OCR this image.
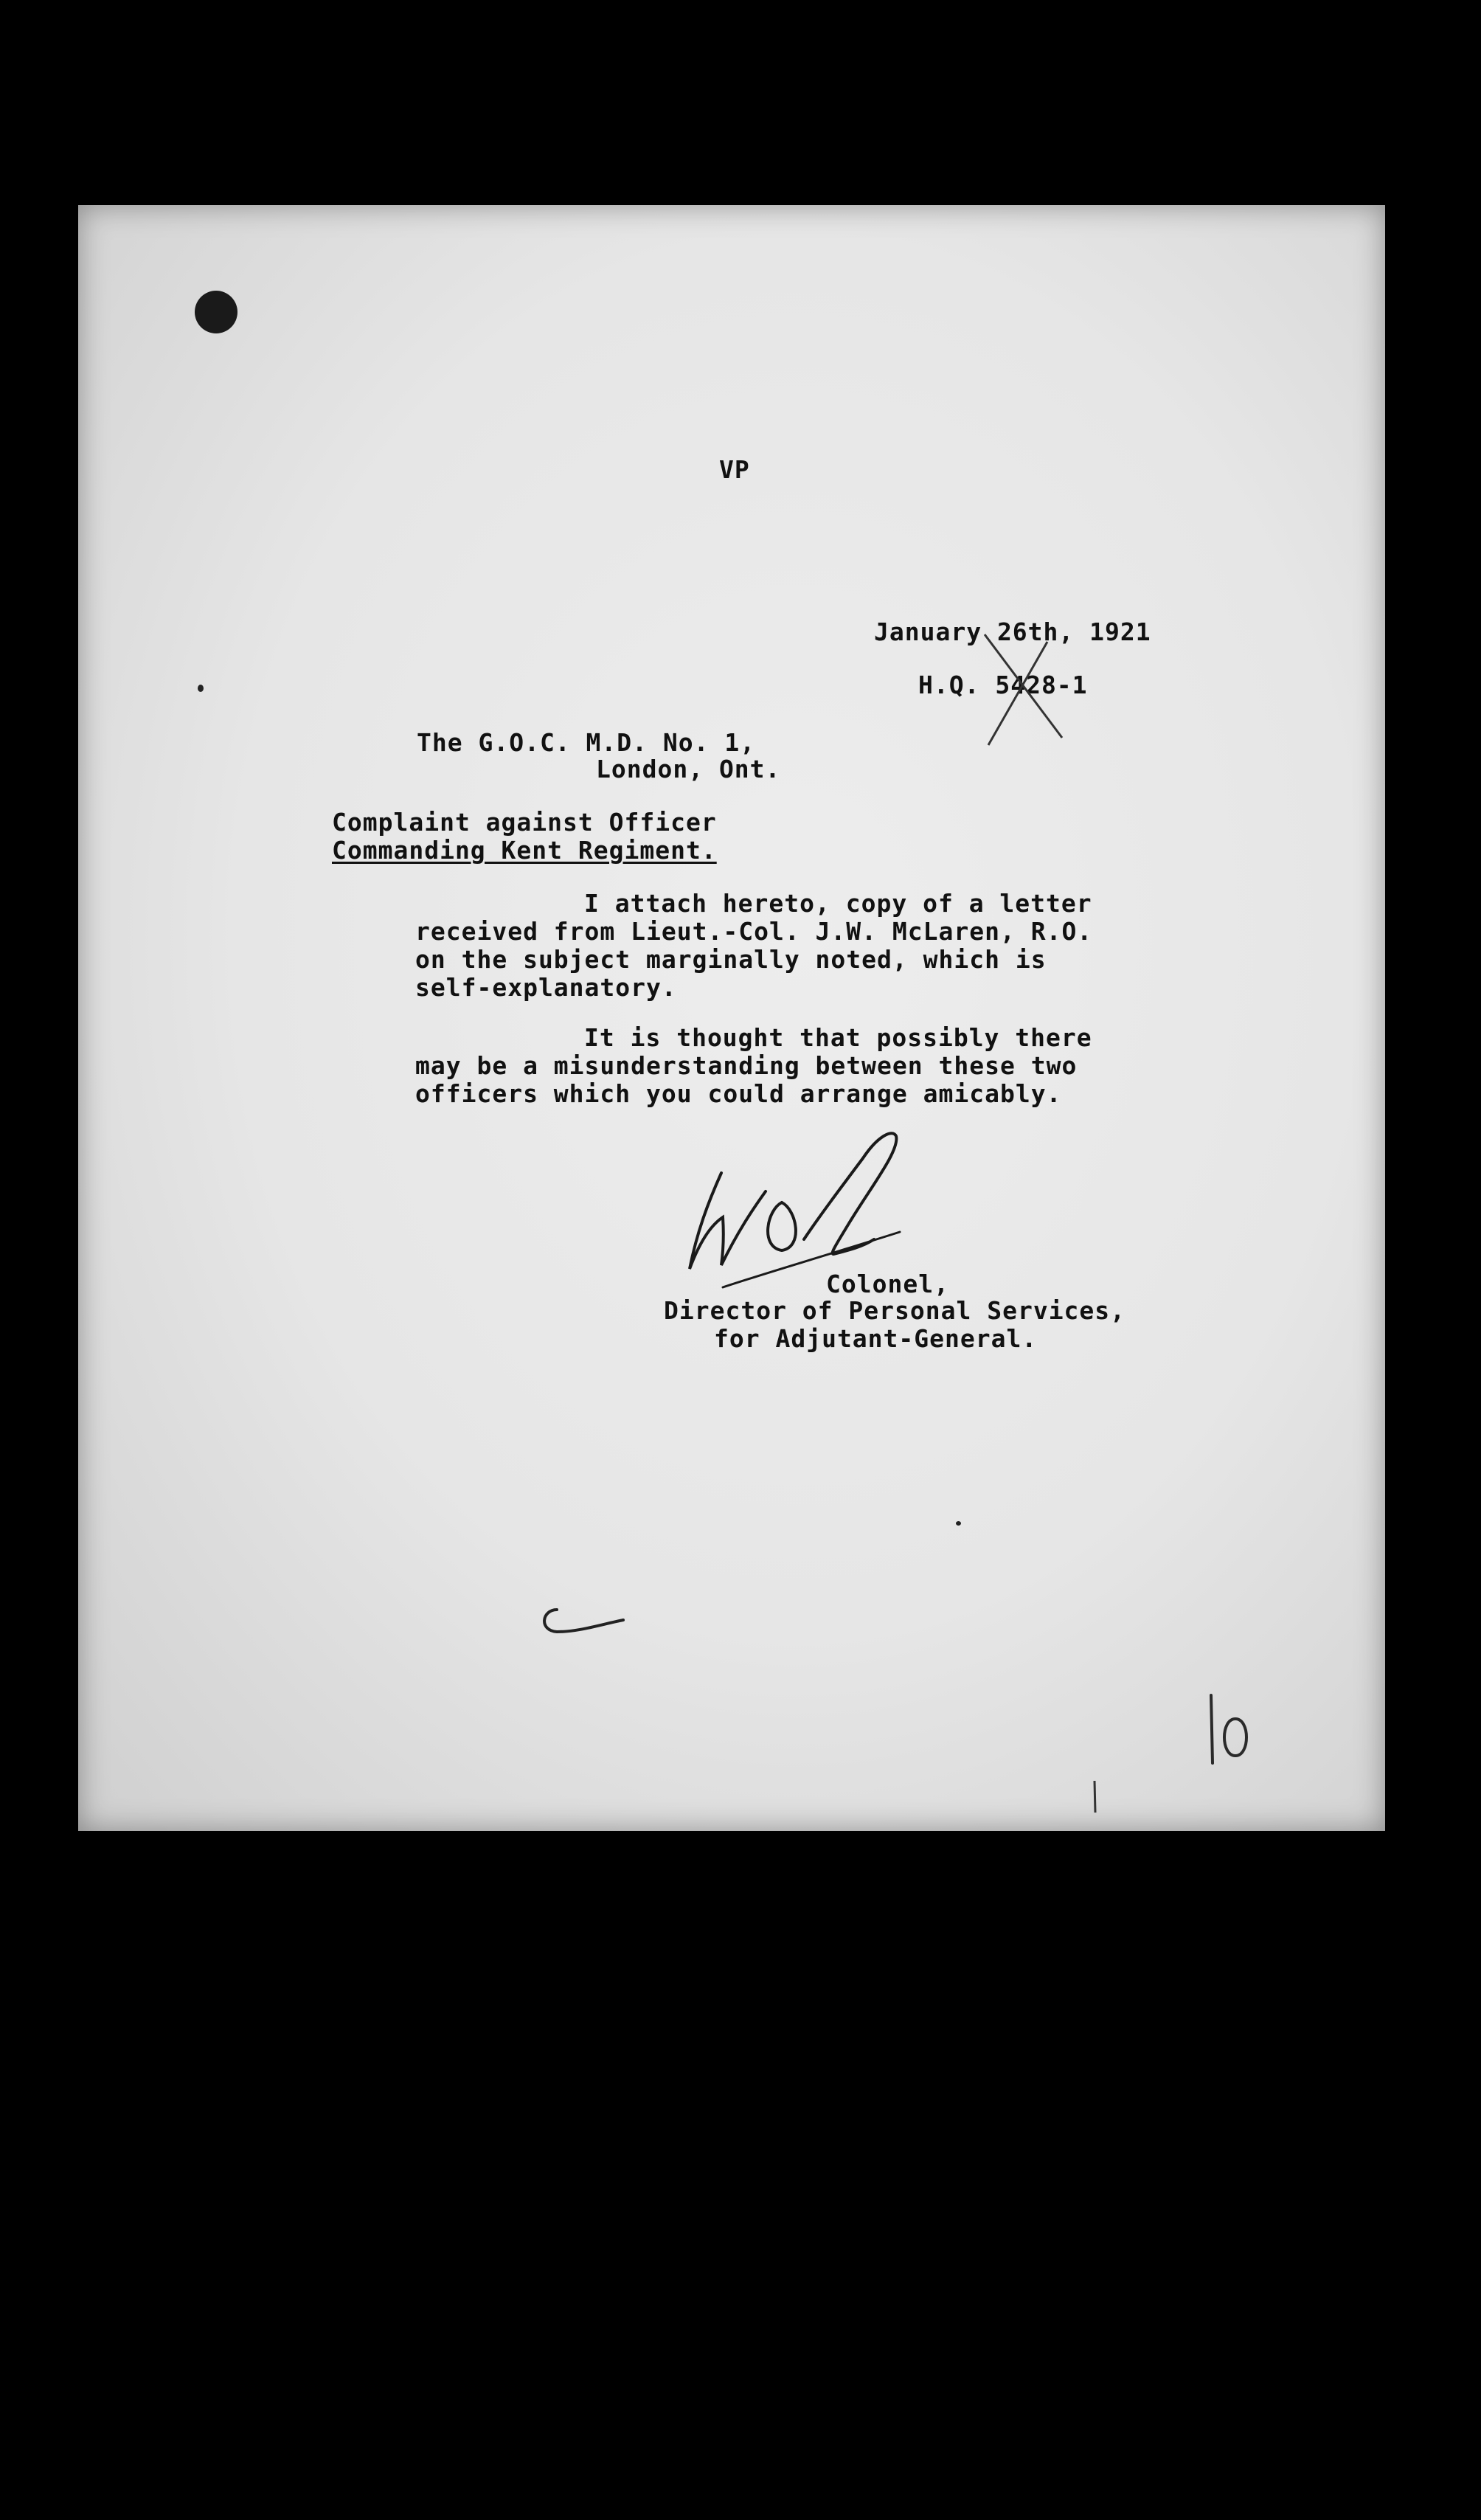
VP
January 26th, 1921
H.Q. 5428-1
The G.O.C. M.D. No. 1,
London, Ont.
Complaint against Officer
Commanding Kent Regiment.
I attach hereto, copy of a letter
received from Lieut.-Col. J.W. McLaren, R.O.
on the subject marginally noted, which is
self-explanatory.
It is thought that possibly there
may be a misunderstanding between these two
officers which you could arrange amicably.
Colonel,
Director of Personal Services,
for Adjutant-General.
